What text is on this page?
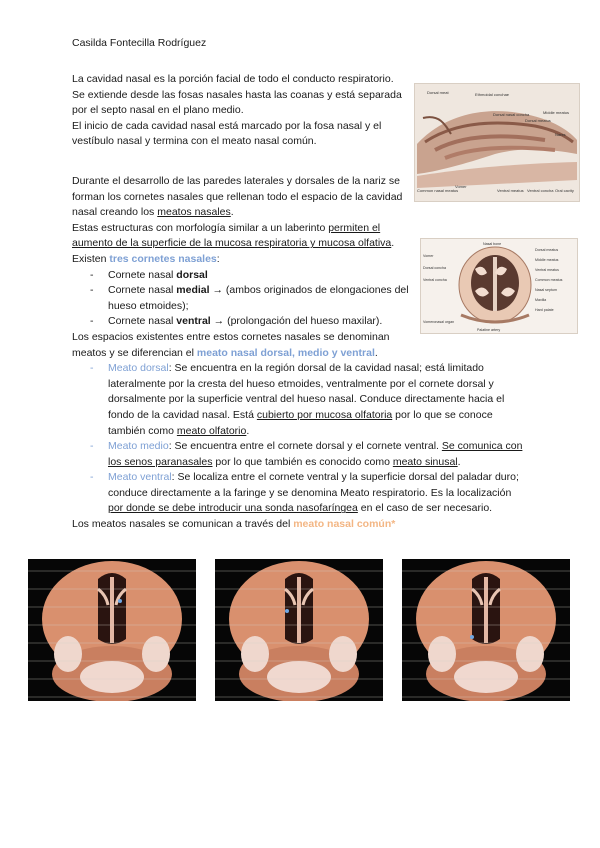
Casilda Fontecilla Rodríguez
La cavidad nasal es la porción facial de todo el conducto respiratorio.
Se extiende desde las fosas nasales hasta las coanas y está separada por el septo nasal en el plano medio.
El inicio de cada cavidad nasal está marcado por la fosa nasal y el vestíbulo nasal y termina con el meato nasal común.
Durante el desarrollo de las paredes laterales y dorsales de la nariz se forman los cornetes nasales que rellenan todo el espacio de la cavidad nasal creando los meatos nasales.
Estas estructuras con morfología similar a un laberinto permiten el aumento de la superficie de la mucosa respiratoria y mucosa olfativa.
Existen tres cornetes nasales:
- Cornete nasal dorsal
- Cornete nasal medial → (ambos originados de elongaciones del hueso etmoides);
- Cornete nasal ventral → (prolongación del hueso maxilar).
Los espacios existentes entre estos cornetes nasales se denominan meatos y se diferencian el meato nasal dorsal, medio y ventral.
- Meato dorsal: Se encuentra en la región dorsal de la cavidad nasal; está limitado lateralmente por la cresta del hueso etmoides, ventralmente por el cornete dorsal y dorsalmente por la superficie ventral del hueso nasal. Conduce directamente hacia el fondo de la cavidad nasal. Está cubierto por mucosa olfatoria por lo que se conoce también como meato olfatorio.
- Meato medio: Se encuentra entre el cornete dorsal y el cornete ventral. Se comunica con los senos paranasales por lo que también es conocido como meato sinusal.
- Meato ventral: Se localiza entre el cornete ventral y la superficie dorsal del paladar duro; conduce directamente a la faringe y se denomina Meato respiratorio. Es la localización por donde se debe introducir una sonda nasofaríngea en el caso de ser necesario.
Los meatos nasales se comunican a través del meato nasal común*
Dorsal meat	Ethmoidal conchae
Dorsal nasal concha
Dorsal meatus
Middle meatus
Nares
Common nasal meatus
Vomer
Ventral meatus Ventral concha Oral cavity
Nasal bone
Dorsal meatus
Middle meatus
Ventral meatus
Common meatus
Nasal septum
Maxilla
Hard palate
Vomer
Dorsal concha
Ventral concha
Vomeronasal organ
Palatine artery
